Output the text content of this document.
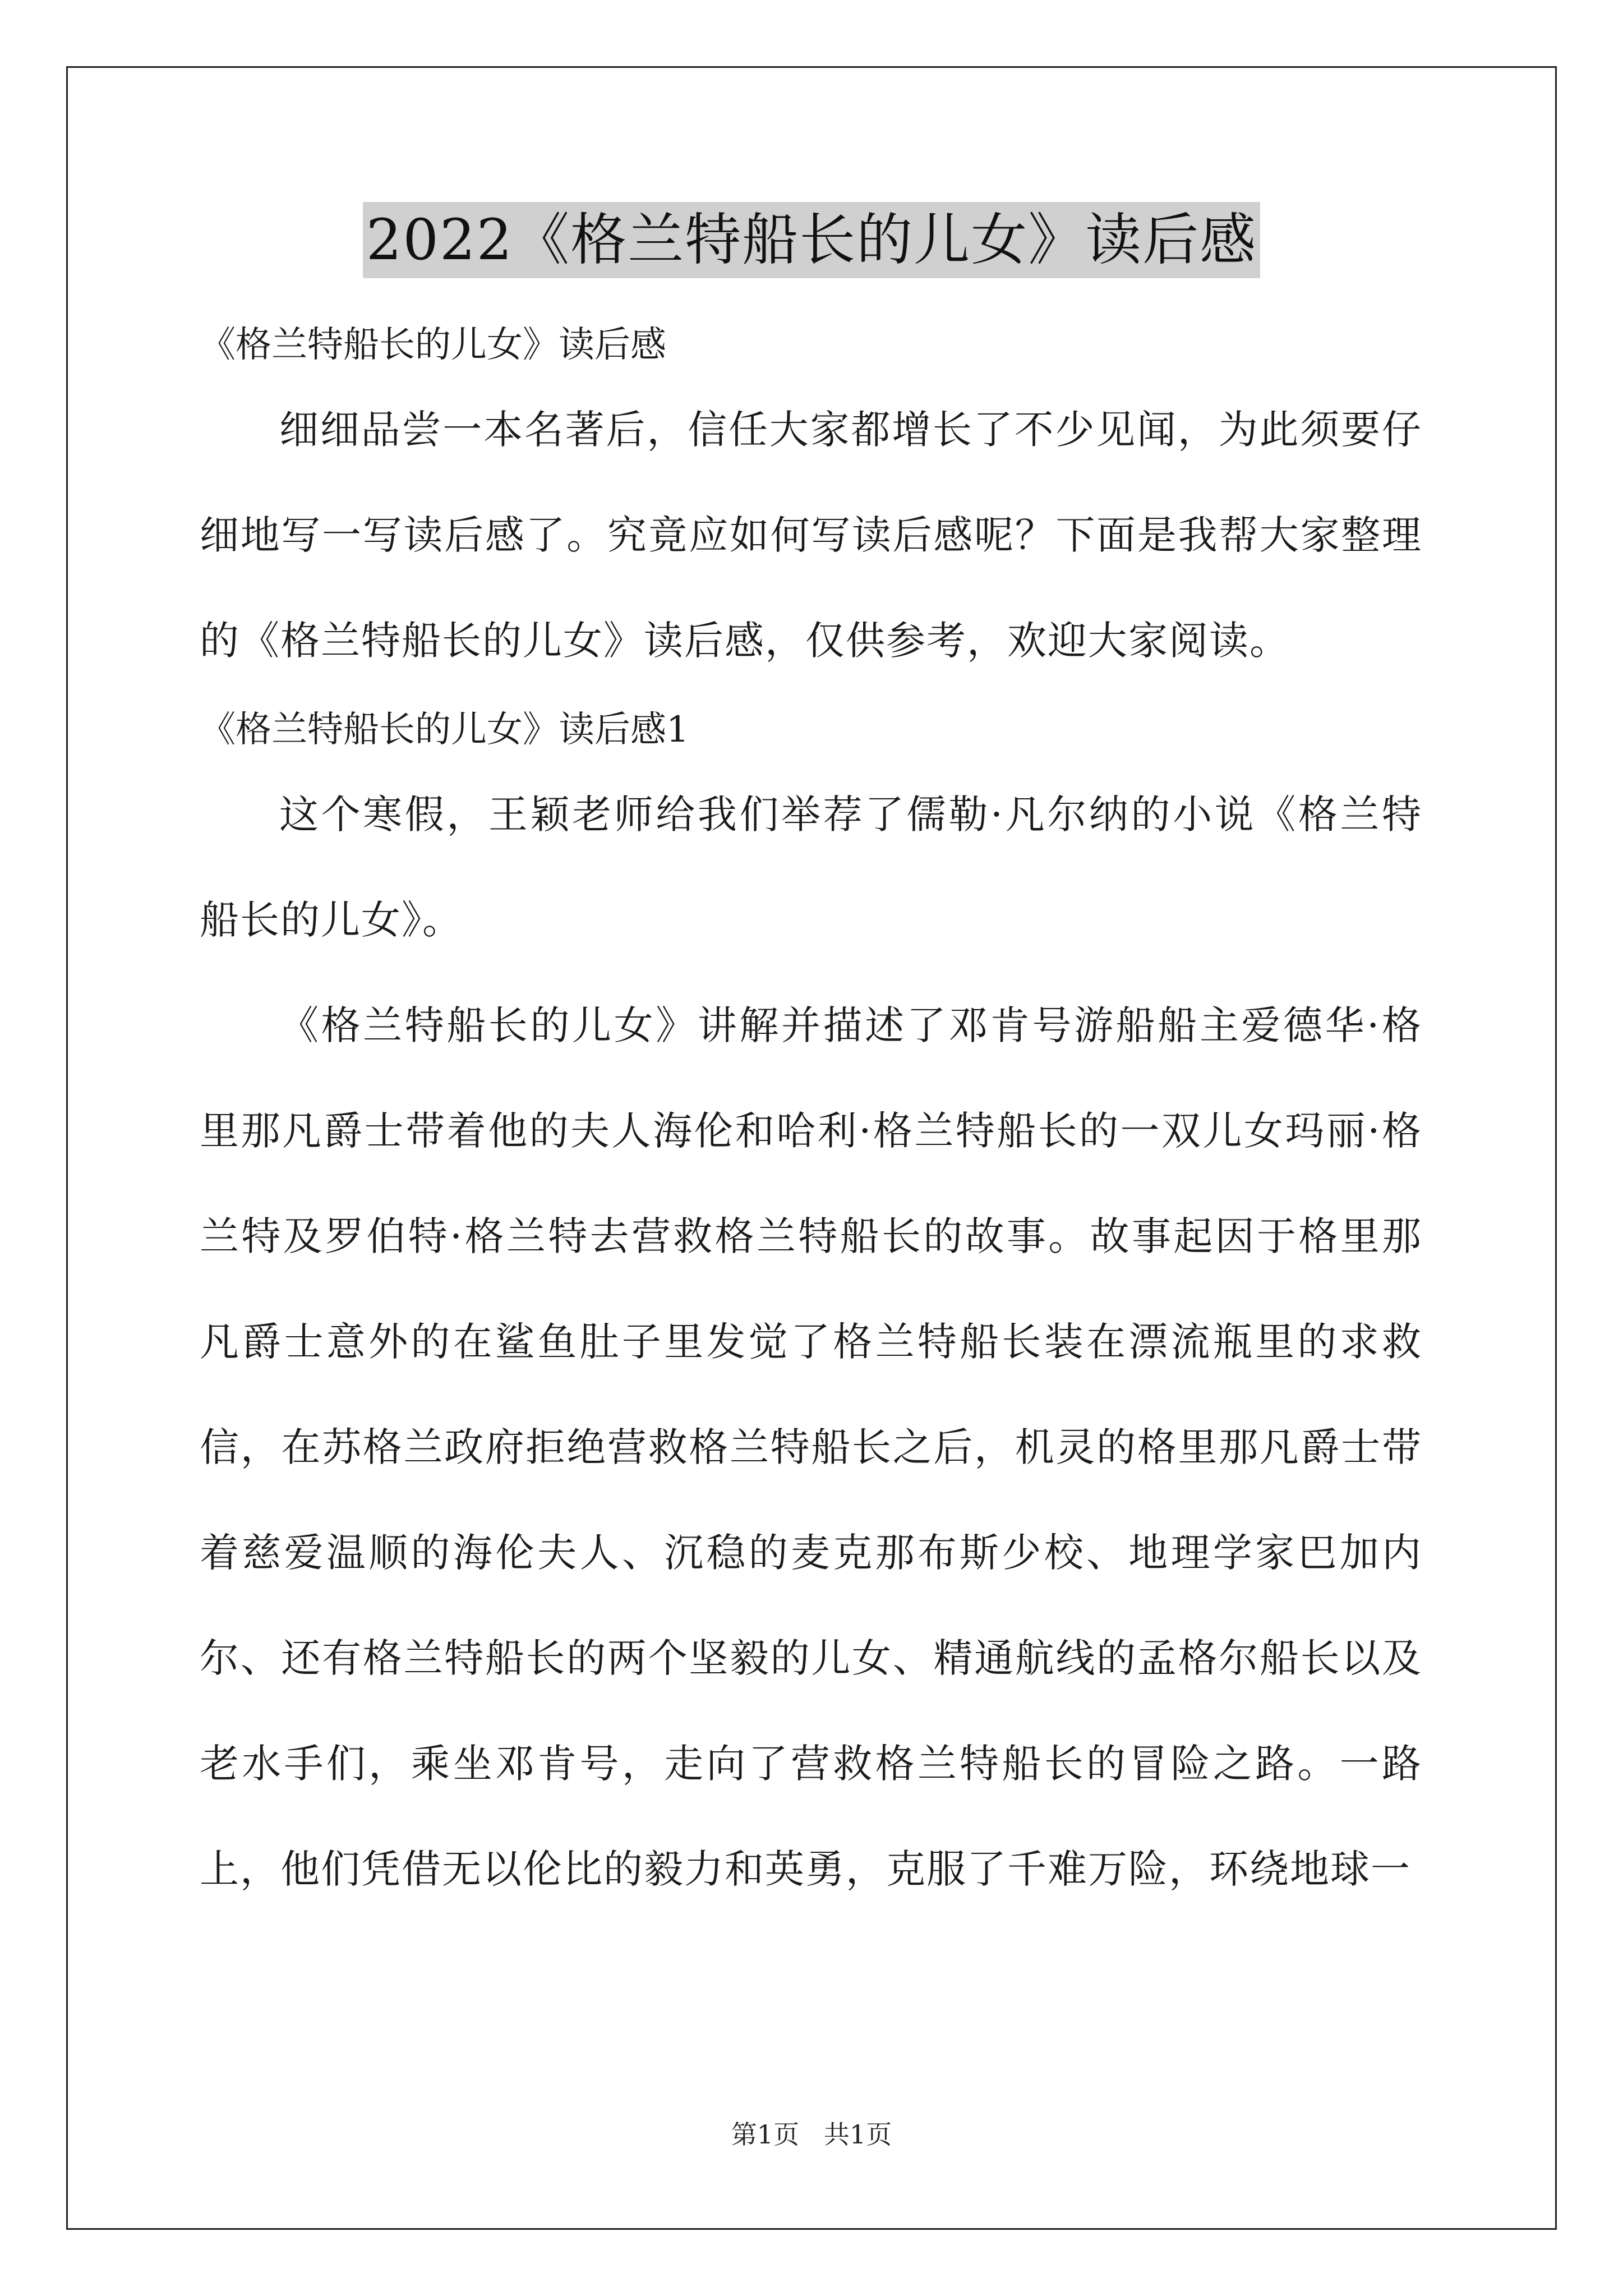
2022《格兰特船长的儿女》读后感

《格兰特船长的儿女》读后感

细细品尝一本名著后，信任大家都增长了不少见闻，为此须要仔细地写一写读后感了。究竟应如何写读后感呢？下面是我帮大家整理的《格兰特船长的儿女》读后感，仅供参考，欢迎大家阅读。

《格兰特船长的儿女》读后感1

这个寒假，王颖老师给我们举荐了儒勒·凡尔纳的小说《格兰特船长的儿女》。

《格兰特船长的儿女》讲解并描述了邓肯号游船船主爱德华·格里那凡爵士带着他的夫人海伦和哈利·格兰特船长的一双儿女玛丽·格兰特及罗伯特·格兰特去营救格兰特船长的故事。故事起因于格里那凡爵士意外的在鲨鱼肚子里发觉了格兰特船长装在漂流瓶里的求救信，在苏格兰政府拒绝营救格兰特船长之后，机灵的格里那凡爵士带着慈爱温顺的海伦夫人、沉稳的麦克那布斯少校、地理学家巴加内尔、还有格兰特船长的两个坚毅的儿女、精通航线的孟格尔船长以及老水手们，乘坐邓肯号，走向了营救格兰特船长的冒险之路。一路上，他们凭借无以伦比的毅力和英勇，克服了千难万险，环绕地球一

第1页   共1页
